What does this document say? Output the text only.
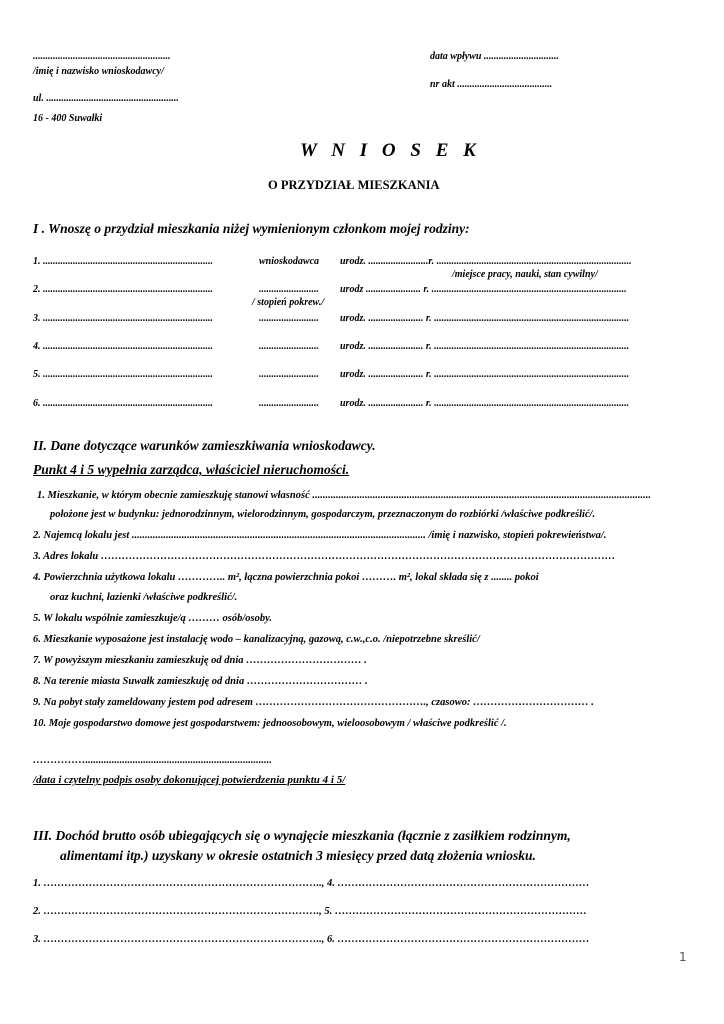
.......................................................
/imię i nazwisko wnioskodawcy/
ul. .....................................................
16 - 400 Suwałki
data wpływu ..............................
nr akt ......................................
W N I O S E K
O PRZYDZIAŁ MIESZKANIA
I . Wnoszę o przydział mieszkania niżej wymienionym członkom mojej rodziny:
1. ....................................................................	wnioskodawca urodz. ........................r. ..............................................................................
/miejsce pracy, nauki, stan cywilny/
2. ....................................................................	........................ urodz ...................... r. ..............................................................................
/ stopień pokrew./
3. ....................................................................	........................ urodz. ...................... r. ..............................................................................
4. ....................................................................	........................ urodz. ...................... r. ..............................................................................
5. ....................................................................	........................ urodz. ...................... r. ..............................................................................
6. ....................................................................	........................ urodz. ...................... r. ..............................................................................
II. Dane dotyczące warunków zamieszkiwania wnioskodawcy.
Punkt 4 i 5 wypełnia zarządca, właściciel nieruchomości.
1. Mieszkanie, w którym obecnie zamieszkuję stanowi własność .................................................................................................................................
położone jest w budynku: jednorodzinnym, wielorodzinnym, gospodarczym, przeznaczonym do rozbiórki /właściwe podkreślić/.
2. Najemcą lokalu jest ................................................................................................................ /imię i nazwisko, stopień pokrewieństwa/.
3. Adres lokalu …………………………………………………………………………………………………………………………………
4. Powierzchnia użytkowa lokalu ………….. m², łączna powierzchnia pokoi ………. m², lokal składa się z ........ pokoi
oraz kuchni, łazienki /właściwe podkreślić/.
5. W lokalu wspólnie zamieszkuje/ą ……… osób/osoby.
6. Mieszkanie wyposażone jest instalację wodo – kanalizacyjną, gazową, c.w.,c.o. /niepotrzebne skreślić/
7. W powyższym mieszkaniu zamieszkuję od dnia …………………………… .
8. Na terenie miasta Suwałk zamieszkuję od dnia …………………………… .
9. Na pobyt stały zameldowany jestem pod adresem …………………………………………., czasowo: …………………………… .
10. Moje gospodarstwo domowe jest gospodarstwem: jednoosobowym, wieloosobowym / właściwe podkreślić /.
…………….......................................................................
/data i czytelny podpis osoby dokonującej potwierdzenia punktu 4 i 5/
III. Dochód brutto osób ubiegających się o wynajęcie mieszkania (łącznie z zasiłkiem rodzinnym,
alimentami itp.) uzyskany w okresie ostatnich 3 miesięcy przed datą złożenia wniosku.
1. …………………………………………………………………….., 4. ………………………………………………………………
2. ……………………………………………………………………., 5. ………………………………………………………………
3. …………………………………………………………………….., 6. ………………………………………………………………
1
